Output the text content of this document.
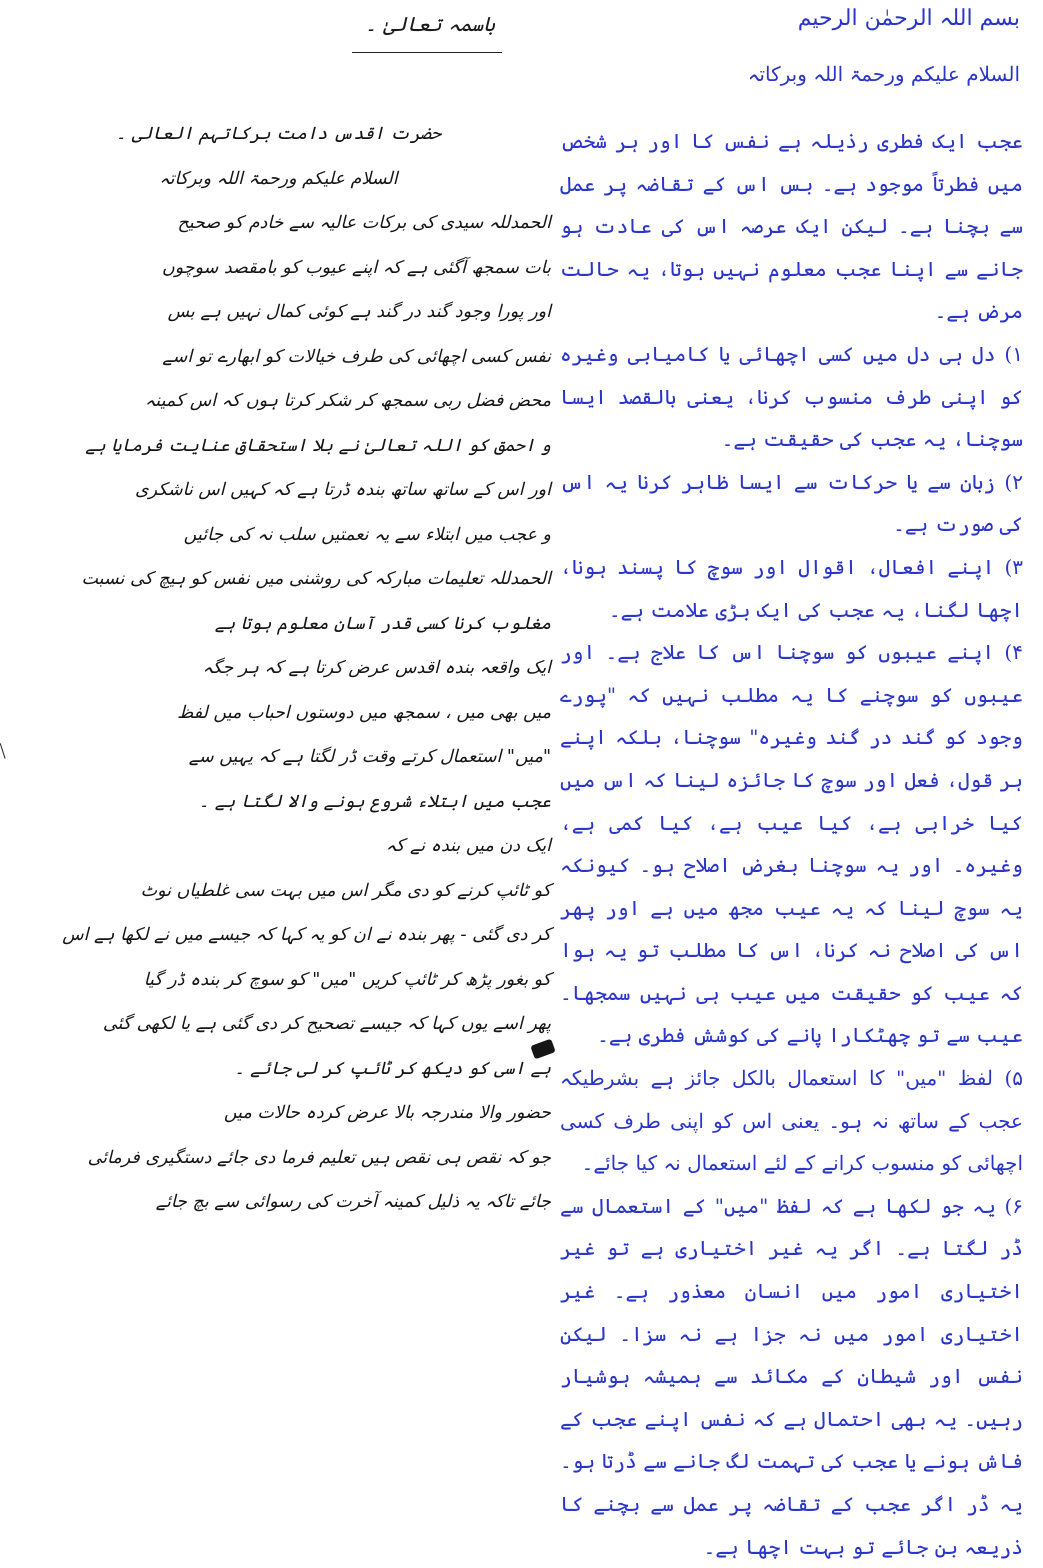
بسم اللہ الرحمٰن الرحیم
السلام علیکم ورحمۃ اللہ وبرکاتہ
باسمہ تعالیٰ ۔

عجب ایک فطری رذیلہ ہے نفس کا اور ہر شخص میں فطرتاً موجود ہے۔ بس اس کے تقاضہ پر عمل سے بچنا ہے۔ لیکن ایک عرصہ اس کی عادت ہو جانے سے اپنا عجب معلوم نہیں ہوتا، یہ حالت مرض ہے۔

۱) دل ہی دل میں کسی اچھائی یا کامیابی وغیرہ کو اپنی طرف منسوب کرنا، یعنی بالقصد ایسا سوچنا، یہ عجب کی حقیقت ہے۔

۲) زبان سے یا حرکات سے ایسا ظاہر کرنا یہ اس کی صورت ہے۔

۳) اپنے افعال، اقوال اور سوچ کا پسند ہونا، اچھا لگنا، یہ عجب کی ایک بڑی علامت ہے۔

۴) اپنے عیبوں کو سوچنا اس کا علاج ہے۔ اور عیبوں کو سوچنے کا یہ مطلب نہیں کہ "پورے وجود کو گند در گند وغیرہ" سوچنا، بلکہ اپنے ہر قول، فعل اور سوچ کا جائزہ لینا کہ اس میں کیا خرابی ہے، کیا عیب ہے، کیا کمی ہے، وغیرہ۔ اور یہ سوچنا بغرض اصلاح ہو۔ کیونکہ یہ سوچ لینا کہ یہ عیب مجھ میں ہے اور پھر اس کی اصلاح نہ کرنا، اس کا مطلب تو یہ ہوا کہ عیب کو حقیقت میں عیب ہی نہیں سمجھا۔ عیب سے تو چھٹکارا پانے کی کوشش فطری ہے۔

۵) لفظ "میں" کا استعمال بالکل جائز ہے بشرطیکہ عجب کے ساتھ نہ ہو۔ یعنی اس کو اپنی طرف کسی اچھائی کو منسوب کرانے کے لئے استعمال نہ کیا جائے۔

۶) یہ جو لکھا ہے کہ لفظ "میں" کے استعمال سے ڈر لگتا ہے۔ اگر یہ غیر اختیاری ہے تو غیر اختیاری امور میں انسان معذور ہے۔ غیر اختیاری امور میں نہ جزا ہے نہ سزا۔ لیکن نفس اور شیطان کے مکائد سے ہمیشہ ہوشیار رہیں۔ یہ بھی احتمال ہے کہ نفس اپنے عجب کے فاش ہونے یا عجب کی تہمت لگ جانے سے ڈرتا ہو۔ یہ ڈر اگر عجب کے تقاضہ پر عمل سے بچنے کا ذریعہ بن جائے تو بہت اچھا ہے۔

حضرت اقدس دامت برکاتہم العالی ۔

السلام علیکم ورحمۃ اللہ وبرکاتہ

الحمدللہ سیدی کی برکات عالیہ سے خادم کو صحیح

بات سمجھ آگئی ہے کہ اپنے عیوب کو بامقصد سوچوں

اور پورا وجود گند در گند ہے کوئی کمال نہیں ہے بس

نفس کسی اچھائی کی طرف خیالات کو ابھارے تو اسے

محض فضل ربی سمجھ کر شکر کرتا ہوں کہ اس کمینہ

و احمق کو اللہ تعالیٰ نے بلا استحقاق عنایت فرمایا ہے

اور اس کے ساتھ ساتھ بندہ ڈرتا ہے کہ کہیں اس ناشکری

و عجب میں ابتلاء سے یہ نعمتیں سلب نہ کی جائیں

الحمدللہ تعلیمات مبارکہ کی روشنی میں نفس کو ہیچ کی نسبت

مغلوب کرنا کسی قدر آسان معلوم ہوتا ہے

ایک واقعہ بندہ اقدس عرض کرتا ہے کہ ہر جگہ

میں بھی میں ، سمجھ میں دوستوں احباب میں لفظ

"میں" استعمال کرتے وقت ڈر لگتا ہے کہ یہیں سے

عجب میں ابتلاء شروع ہونے والا لگتا ہے ۔

ایک دن میں بندہ نے کہ

کو ٹائپ کرنے کو دی مگر اس میں بہت سی غلطیاں نوٹ

کر دی گئی - پھر بندہ نے ان کو یہ کہا کہ جیسے میں نے لکھا ہے اس

کو بغور پڑھ کر ٹائپ کریں "میں" کو سوچ کر بندہ ڈر گیا

پھر اسے یوں کہا کہ جیسے تصحیح کر دی گئی ہے یا لکھی گئی

ہے اسی کو دیکھ کر ٹائپ کر لی جائے ۔

حضور والا مندرجہ بالا عرض کردہ حالات میں

جو کہ نقص ہی نقص ہیں تعلیم فرما دی جائے دستگیری فرمائی

جائے تاکہ یہ ذلیل کمینہ آخرت کی رسوائی سے بچ جائے
